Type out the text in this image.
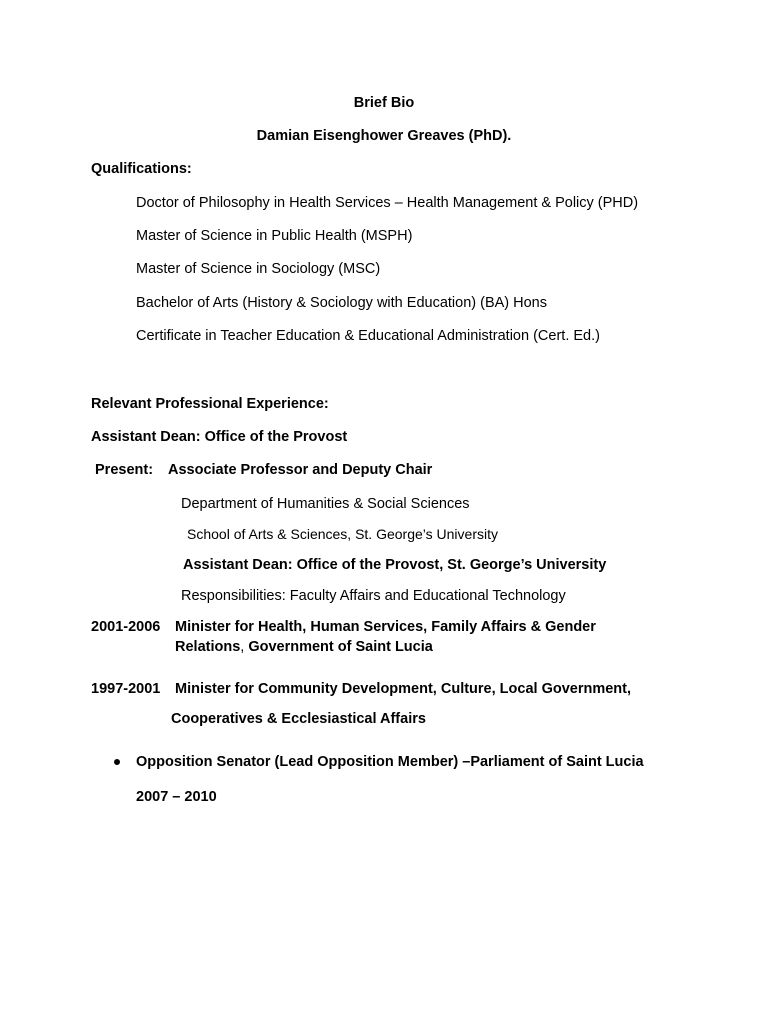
Brief Bio
Damian Eisenghower Greaves (PhD).
Qualifications:
Doctor of Philosophy in Health Services – Health Management & Policy (PHD)
Master of Science in Public Health (MSPH)
Master of Science in Sociology (MSC)
Bachelor of Arts (History & Sociology with Education) (BA) Hons
Certificate in Teacher Education & Educational Administration (Cert. Ed.)
Relevant Professional Experience:
Assistant Dean: Office of the Provost
Present: Associate Professor and Deputy Chair
Department of Humanities & Social Sciences
School of Arts & Sciences, St. George’s University
Assistant Dean: Office of the Provost, St. George’s University
Responsibilities: Faculty Affairs and Educational Technology
2001-2006 Minister for Health, Human Services, Family Affairs & Gender
Relations, Government of Saint Lucia
1997-2001 Minister for Community Development, Culture, Local Government,
Cooperatives & Ecclesiastical Affairs
Opposition Senator (Lead Opposition Member) –Parliament of Saint Lucia
2007 – 2010
